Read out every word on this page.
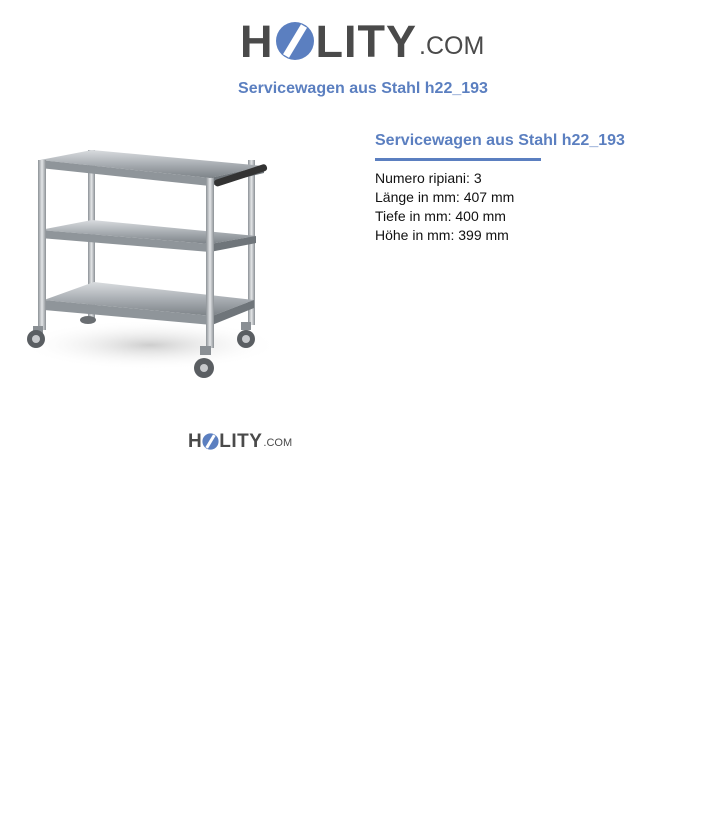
H LITY .COM
Servicewagen aus Stahl h22_193
Servicewagen aus Stahl h22_193
Numero ripiani: 3
Länge in mm: 407 mm
Tiefe in mm: 400 mm
Höhe in mm: 399 mm
H LITY .COM
